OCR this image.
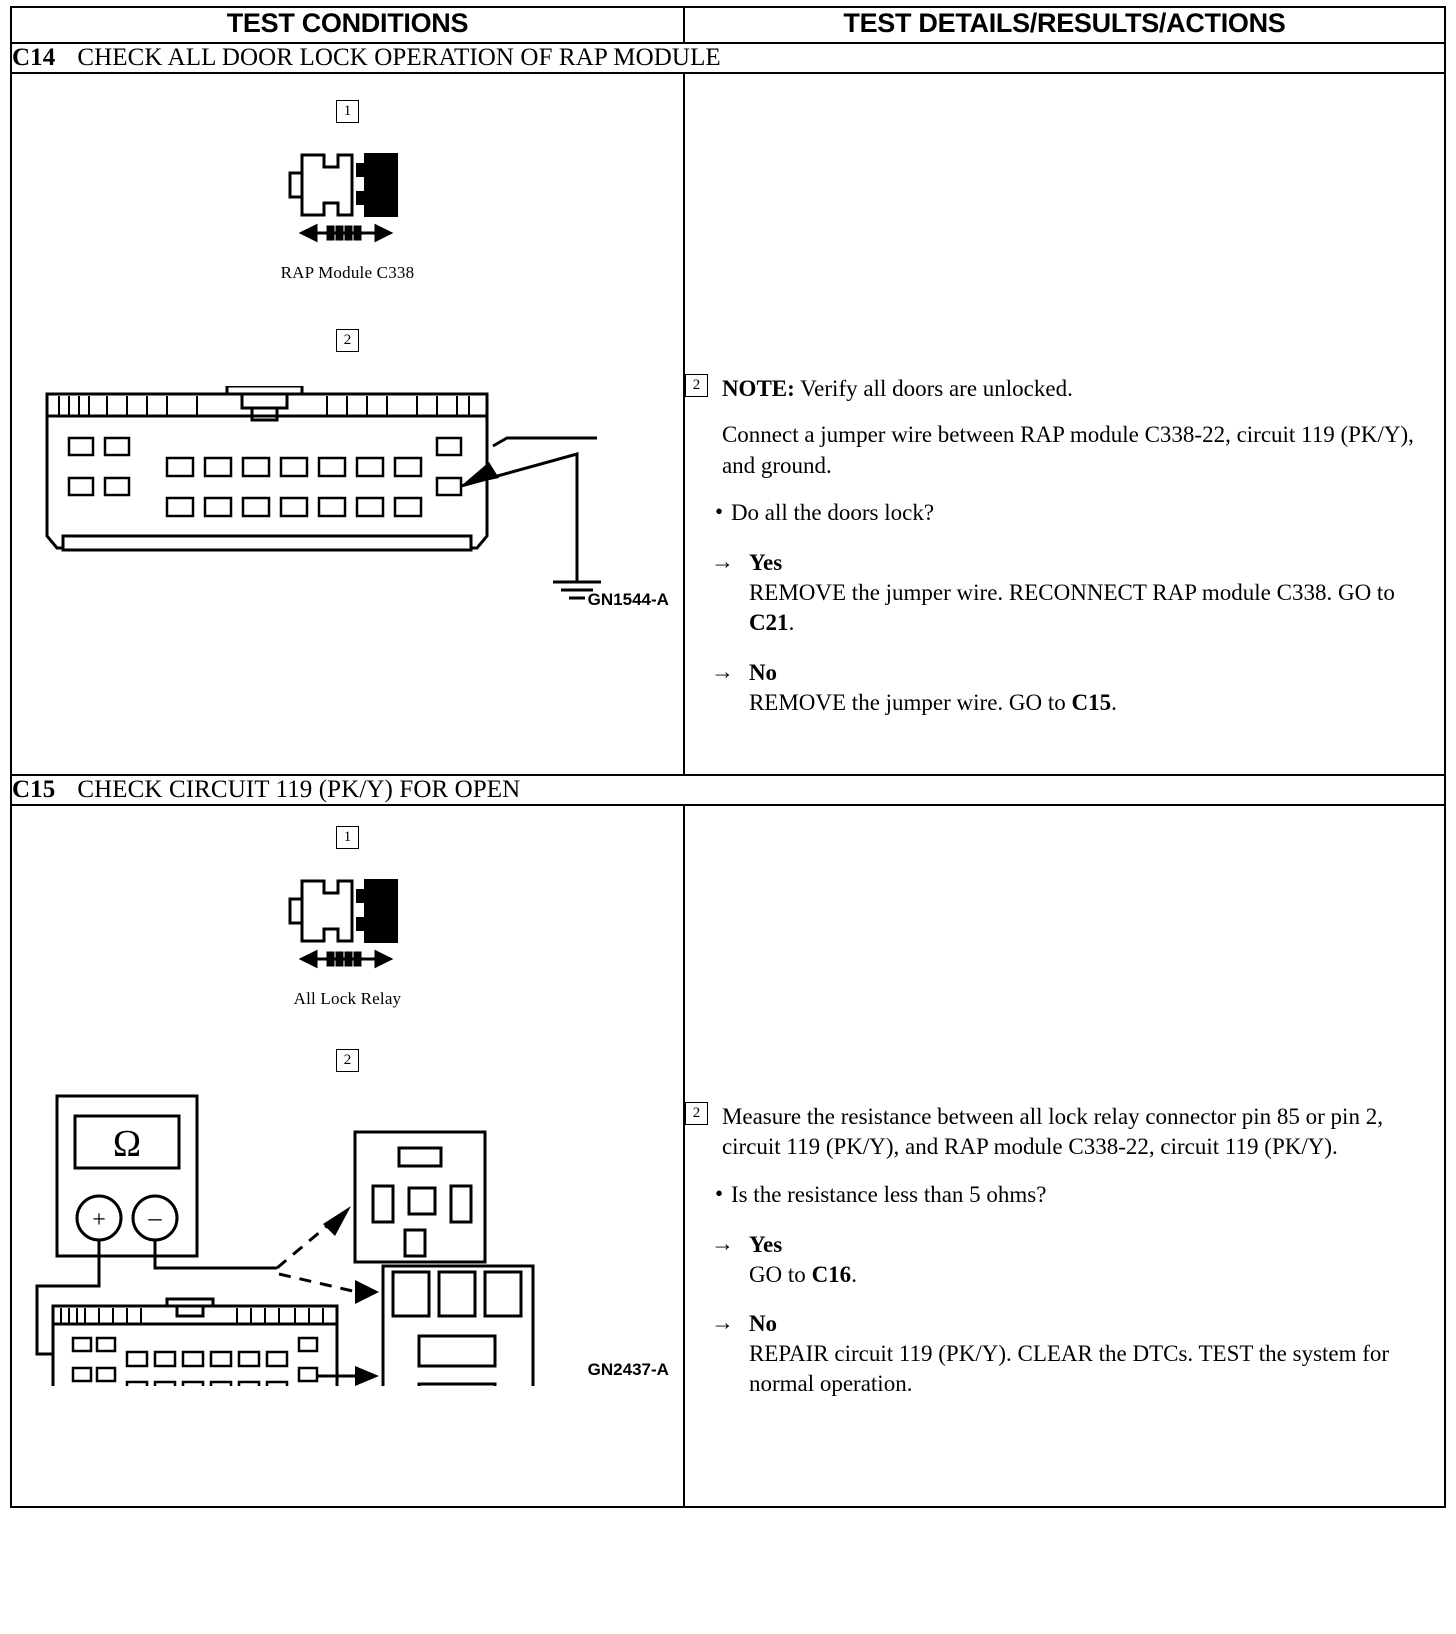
TEST CONDITIONS	TEST DETAILS/RESULTS/ACTIONS
C14 CHECK ALL DOOR LOCK OPERATION OF RAP MODULE	

1
RAP Module C338
2
GN1544-A

2 NOTE: Verify all doors are unlocked.
Connect a jumper wire between RAP module C338-22, circuit 119 (PK/Y), and ground.
• Do all the doors lock?
→ Yes
REMOVE the jumper wire. RECONNECT RAP module C338. GO to C21.
→ No
REMOVE the jumper wire. GO to C15.

C15 CHECK CIRCUIT 119 (PK/Y) FOR OPEN	

1
All Lock Relay
2
Ω
+ –
GN2437-A

2 Measure the resistance between all lock relay connector pin 85 or pin 2, circuit 119 (PK/Y), and RAP module C338-22, circuit 119 (PK/Y).
• Is the resistance less than 5 ohms?
→ Yes
GO to C16.
→ No
REPAIR circuit 119 (PK/Y). CLEAR the DTCs. TEST the system for normal operation.
